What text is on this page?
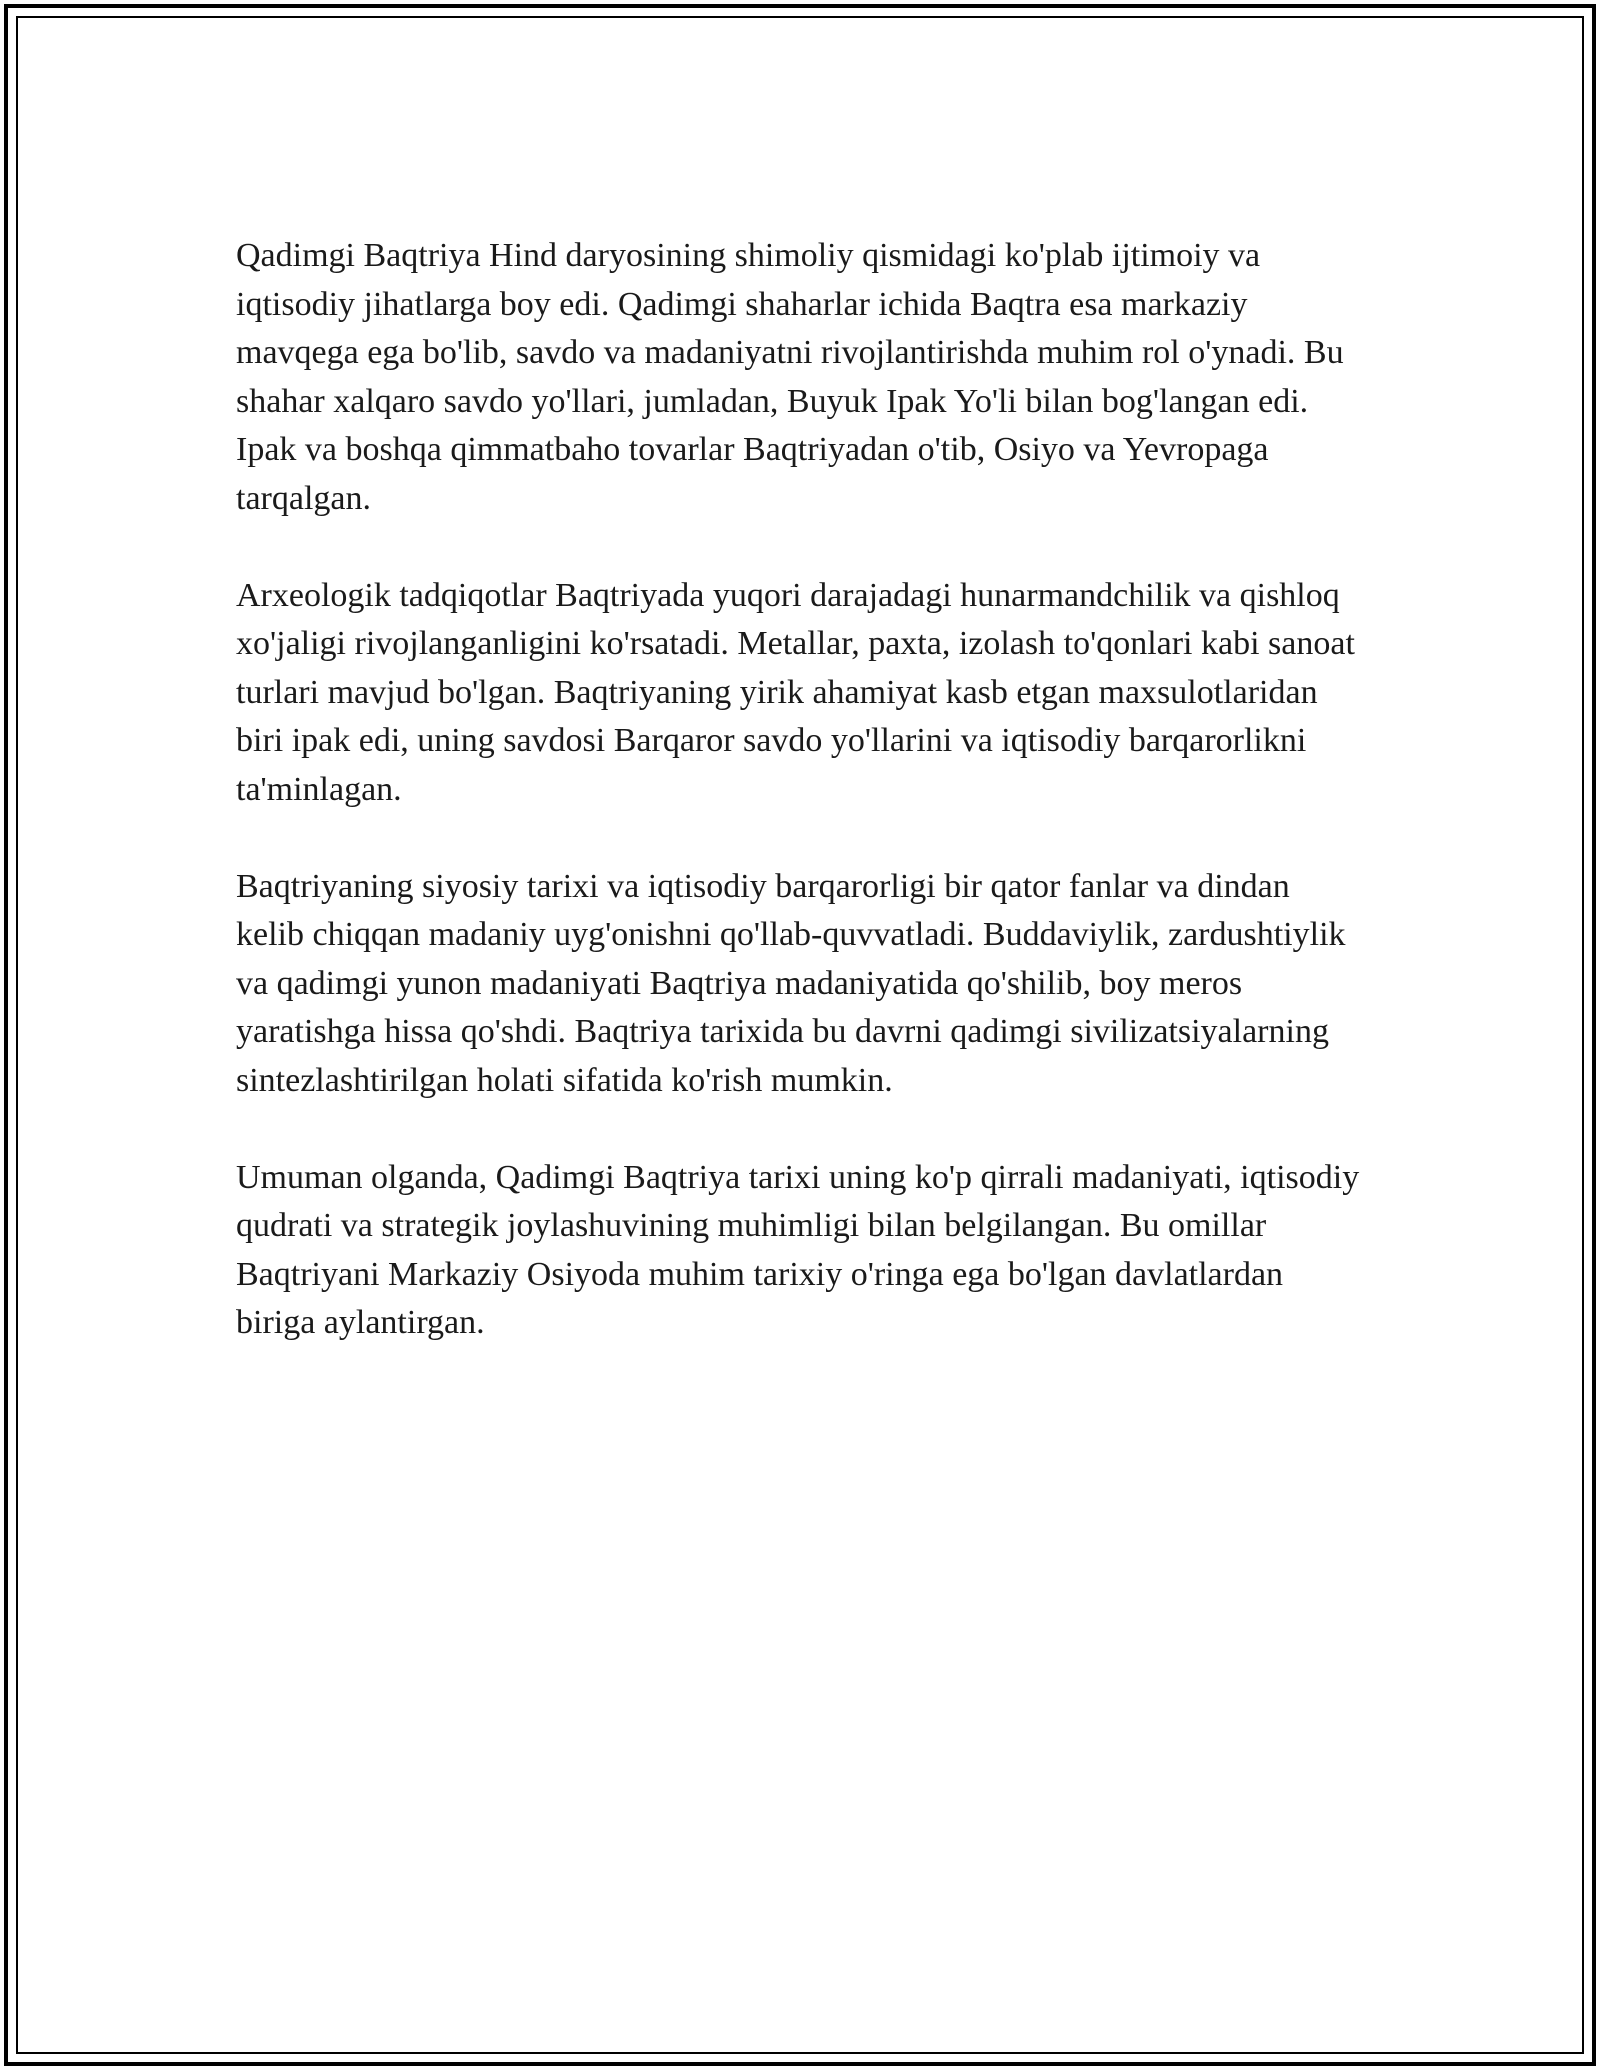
Qadimgi Baqtriya Hind daryosining shimoliy qismidagi ko'plab ijtimoiy va iqtisodiy jihatlarga boy edi. Qadimgi shaharlar ichida Baqtra esa markaziy mavqega ega bo'lib, savdo va madaniyatni rivojlantirishda muhim rol o'ynadi. Bu shahar xalqaro savdo yo'llari, jumladan, Buyuk Ipak Yo'li bilan bog'langan edi. Ipak va boshqa qimmatbaho tovarlar Baqtriyadan o'tib, Osiyo va Yevropaga tarqalgan.

Arxeologik tadqiqotlar Baqtriyada yuqori darajadagi hunarmandchilik va qishloq xo'jaligi rivojlanganligini ko'rsatadi. Metallar, paxta, izolash to'qonlari kabi sanoat turlari mavjud bo'lgan. Baqtriyaning yirik ahamiyat kasb etgan maxsulotlaridan biri ipak edi, uning savdosi Barqaror savdo yo'llarini va iqtisodiy barqarorlikni ta'minlagan.

Baqtriyaning siyosiy tarixi va iqtisodiy barqarorligi bir qator fanlar va dindan kelib chiqqan madaniy uyg'onishni qo'llab-quvvatladi. Buddaviylik, zardushtiylik va qadimgi yunon madaniyati Baqtriya madaniyatida qo'shilib, boy meros yaratishga hissa qo'shdi. Baqtriya tarixida bu davrni qadimgi sivilizatsiyalarning sintezlashtirilgan holati sifatida ko'rish mumkin.

Umuman olganda, Qadimgi Baqtriya tarixi uning ko'p qirrali madaniyati, iqtisodiy qudrati va strategik joylashuvining muhimligi bilan belgilangan. Bu omillar Baqtriyani Markaziy Osiyoda muhim tarixiy o'ringa ega bo'lgan davlatlardan biriga aylantirgan.
